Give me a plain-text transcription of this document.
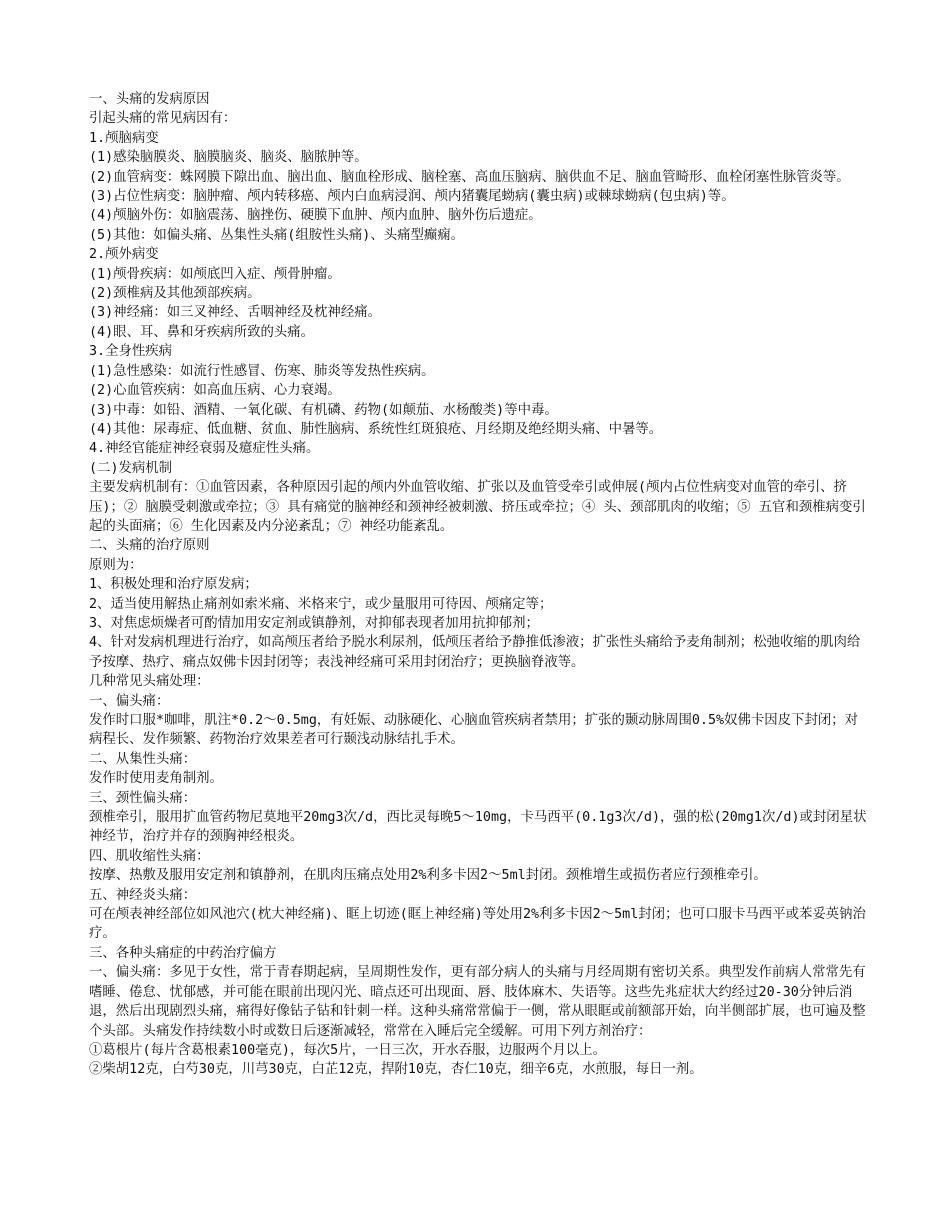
一、头痛的发病原因

引起头痛的常见病因有：

1.颅脑病变

(1)感染脑膜炎、脑膜脑炎、脑炎、脑脓肿等。

(2)血管病变：蛛网膜下隙出血、脑出血、脑血栓形成、脑栓塞、高血压脑病、脑供血不足、脑血管畸形、血栓闭塞性脉管炎等。

(3)占位性病变：脑肿瘤、颅内转移癌、颅内白血病浸润、颅内猪囊尾蚴病(囊虫病)或棘球蚴病(包虫病)等。

(4)颅脑外伤：如脑震荡、脑挫伤、硬膜下血肿、颅内血肿、脑外伤后遗症。

(5)其他：如偏头痛、丛集性头痛(组胺性头痛)、头痛型癫痫。

2.颅外病变

(1)颅骨疾病：如颅底凹入症、颅骨肿瘤。

(2)颈椎病及其他颈部疾病。

(3)神经痛：如三叉神经、舌咽神经及枕神经痛。

(4)眼、耳、鼻和牙疾病所致的头痛。

3.全身性疾病

(1)急性感染：如流行性感冒、伤寒、肺炎等发热性疾病。

(2)心血管疾病：如高血压病、心力衰竭。

(3)中毒：如铅、酒精、一氧化碳、有机磷、药物(如颠茄、水杨酸类)等中毒。

(4)其他：尿毒症、低血糖、贫血、肺性脑病、系统性红斑狼疮、月经期及绝经期头痛、中暑等。

4.神经官能症神经衰弱及癔症性头痛。

(二)发病机制

主要发病机制有：①血管因素，各种原因引起的颅内外血管收缩、扩张以及血管受牵引或伸展(颅内占位性病变对血管的牵引、挤压)；② 脑膜受刺激或牵拉；③ 具有痛觉的脑神经和颈神经被刺激、挤压或牵拉；④ 头、颈部肌肉的收缩；⑤ 五官和颈椎病变引起的头面痛；⑥ 生化因素及内分泌紊乱；⑦ 神经功能紊乱。

二、头痛的治疗原则

原则为：

1、积极处理和治疗原发病；

2、适当使用解热止痛剂如索米痛、米格来宁，或少量服用可待因、颅痛定等；

3、对焦虑烦燥者可酌情加用安定剂或镇静剂，对抑郁表现者加用抗抑郁剂；

4、针对发病机理进行治疗，如高颅压者给予脱水利尿剂，低颅压者给予静推低渗液；扩张性头痛给予麦角制剂；松弛收缩的肌肉给予按摩、热疗、痛点奴佛卡因封闭等；表浅神经痛可采用封闭治疗；更换脑脊液等。

几种常见头痛处理：

一、偏头痛：

发作时口服*咖啡，肌注*0.2～0.5mg，有妊娠、动脉硬化、心脑血管疾病者禁用；扩张的颞动脉周围0.5%奴佛卡因皮下封闭；对病程长、发作频繁、药物治疗效果差者可行颞浅动脉结扎手术。

二、从集性头痛：

发作时使用麦角制剂。

三、颈性偏头痛：

颈椎牵引，服用扩血管药物尼莫地平20mg3次/d，西比灵每晚5～10mg，卡马西平(0.1g3次/d)，强的松(20mg1次/d)或封闭星状神经节，治疗并存的颈胸神经根炎。

四、肌收缩性头痛：

按摩、热敷及服用安定剂和镇静剂，在肌肉压痛点处用2%利多卡因2～5ml封闭。颈椎增生或损伤者应行颈椎牵引。

五、神经炎头痛：

可在颅表神经部位如风池穴(枕大神经痛)、眶上切迹(眶上神经痛)等处用2%利多卡因2～5ml封闭；也可口服卡马西平或苯妥英钠治疗。

三、各种头痛症的中药治疗偏方

一、偏头痛：多见于女性，常于青春期起病，呈周期性发作，更有部分病人的头痛与月经周期有密切关系。典型发作前病人常常先有嗜睡、倦怠、忧郁感，并可能在眼前出现闪光、暗点还可出现面、唇、肢体麻木、失语等。这些先兆症状大约经过20-30分钟后消退，然后出现剧烈头痛，痛得好像钻子钻和针刺一样。这种头痛常常偏于一侧，常从眼眶或前额部开始，向半侧部扩展，也可遍及整个头部。头痛发作持续数小时或数日后逐渐减轻，常常在入睡后完全缓解。可用下列方剂治疗：

①葛根片(每片含葛根素100毫克)，每次5片，一日三次，开水吞服，边服两个月以上。

②柴胡12克，白芍30克，川芎30克，白芷12克，捍附10克，杏仁10克，细辛6克，水煎服，每日一剂。
